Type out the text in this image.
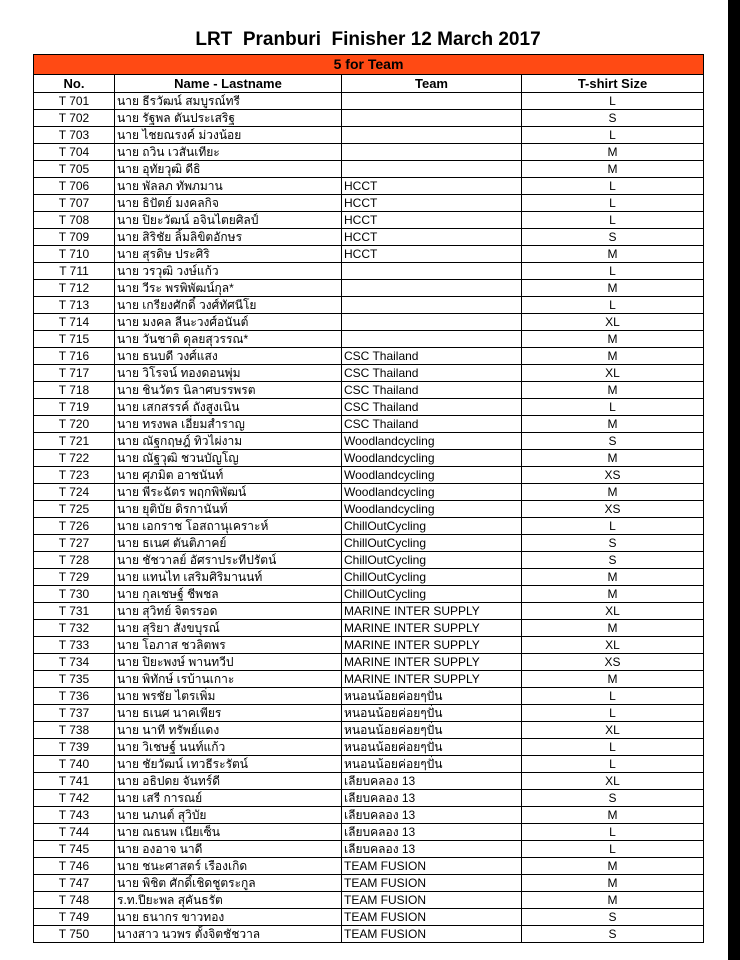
LRT  Pranburi  Finisher 12 March 2017
5 for Team			
No.	Name - Lastname	Team	T-shirt Size
T 701	นาย ธีรวัฒน์ สมบูรณ์ทรี		L
T 702	นาย รัฐพล ตันประเสริฐ		S
T 703	นาย ไชยณรงค์ ม่วงน้อย		L
T 704	นาย ถวิน เวสันเทียะ		M
T 705	นาย อุทัยวุฒิ ดีธิ		M
T 706	นาย พัลลภ ทัพภมาน	HCCT	L
T 707	นาย ธิปัตย์ มงคลกิจ	HCCT	L
T 708	นาย ปิยะวัฒน์ อจินไตยศิลป์	HCCT	L
T 709	นาย สิริชัย ลิ้มลิขิตอักษร	HCCT	S
T 710	นาย สุรดิษ ประศิริ	HCCT	M
T 711	นาย วรวุฒิ วงษ์แก้ว		L
T 712	นาย วีระ พรพิพัฒน์กุล*		M
T 713	นาย เกรียงศักดิ์ วงศ์ทัศนีโย		L
T 714	นาย มงคล ลีนะวงศ์อนันต์		XL
T 715	นาย วันชาติ ดุลยสุวรรณ*		M
T 716	นาย ธนบดี วงศ์แสง	CSC Thailand	M
T 717	นาย วิโรจน์ ทองดอนพุ่ม	CSC Thailand	XL
T 718	นาย ชินวัตร นิลาศบรรพรต	CSC Thailand	M
T 719	นาย เสกสรรค์ ถังสูงเนิน	CSC Thailand	L
T 720	นาย ทรงพล เอี่ยมสำราญ	CSC Thailand	M
T 721	นาย ณัฐกฤษฎ์ ทิวไผ่งาม	Woodlandcycling	S
T 722	นาย ณัฐวุฒิ ชวนบัญโญ	Woodlandcycling	M
T 723	นาย ศุภมิต อาชนันท์	Woodlandcycling	XS
T 724	นาย พีระฉัตร พฤกพิพัฒน์	Woodlandcycling	M
T 725	นาย ยุติบัย ดิรกานันท์	Woodlandcycling	XS
T 726	นาย เอกราช โอสถานุเคราะห์	ChillOutCycling	L
T 727	นาย ธเนศ ตันติภาคย์	ChillOutCycling	S
T 728	นาย ชัชวาลย์ อัศราประทีปรัตน์	ChillOutCycling	S
T 729	นาย แทนไท เสริมศิริมานนท์	ChillOutCycling	M
T 730	นาย กุลเชษฐ์ ชีพชล	ChillOutCycling	M
T 731	นาย สุวิทย์ จิตรรอด	MARINE INTER SUPPLY	XL
T 732	นาย สุริยา สังขบุรณ์	MARINE INTER SUPPLY	M
T 733	นาย โอภาส ชวลิตพร	MARINE INTER SUPPLY	XL
T 734	นาย ปิยะพงษ์ พานทวีป	MARINE INTER SUPPLY	XS
T 735	นาย พิทักษ์ เรบ้านเกาะ	MARINE INTER SUPPLY	M
T 736	นาย พรชัย ไตรเพิ่ม	หนอนน้อยค่อยๆปั่น	L
T 737	นาย ธเนศ นาคเพียร	หนอนน้อยค่อยๆปั่น	L
T 738	นาย นาที ทรัพย์แดง	หนอนน้อยค่อยๆปั่น	XL
T 739	นาย วิเชษฐ์ นนท์แก้ว	หนอนน้อยค่อยๆปั่น	L
T 740	นาย ชัยวัฒน์ เทวธีระรัตน์	หนอนน้อยค่อยๆปั่น	L
T 741	นาย อธิปดย จันทร์ดี	เลียบคลอง 13	XL
T 742	นาย เสรี การณย์	เลียบคลอง 13	S
T 743	นาย นภนต์ สุวิบัย	เลียบคลอง 13	M
T 744	นาย ณธนพ เนียเซ็น	เลียบคลอง 13	L
T 745	นาย องอาจ นาดี	เลียบคลอง 13	L
T 746	นาย ชนะศาสตร์ เรืองเกิด	TEAM FUSION	M
T 747	นาย พิชิต ศักดิ์เชิดชูตระกูล	TEAM FUSION	M
T 748	ร.ท.ปียะพล สุคันธรัต	TEAM FUSION	M
T 749	นาย ธนากร ขาวทอง	TEAM FUSION	S
T 750	นางสาว นวพร ตั้งจิตชัชวาล	TEAM FUSION	S
